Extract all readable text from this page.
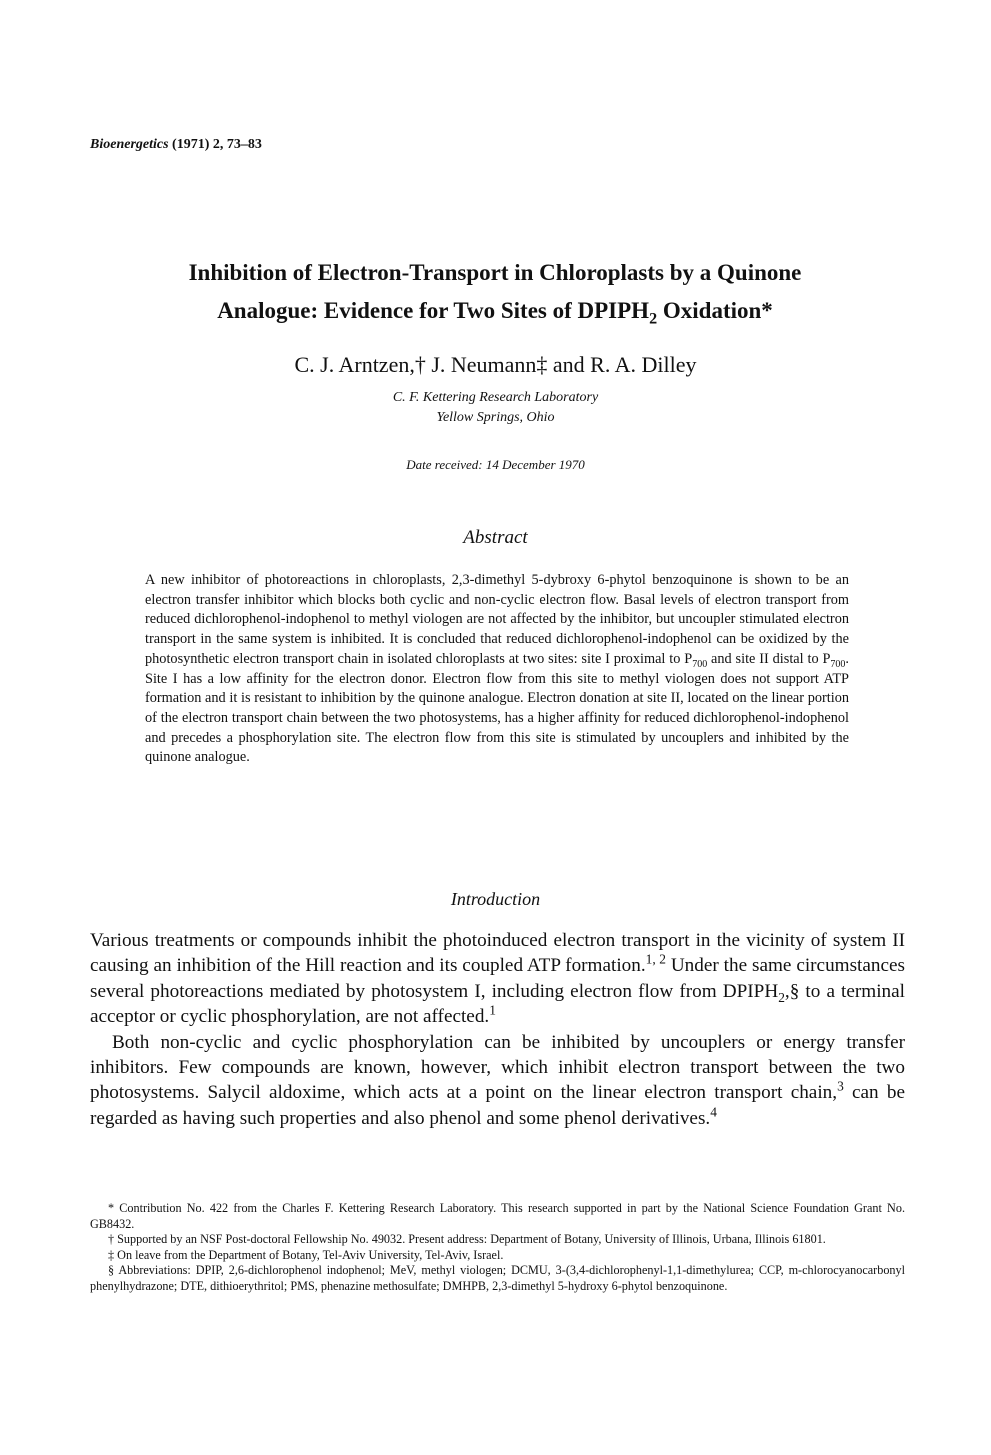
Bioenergetics (1971) 2, 73–83
Inhibition of Electron-Transport in Chloroplasts by a Quinone
Analogue: Evidence for Two Sites of $DPIPH_2$ Oxidation*
C. J. Arntzen,† J. Neumann‡ and R. A. Dilley
C. F. Kettering Research Laboratory
Yellow Springs, Ohio
Date received: 14 December 1970
Abstract

A new inhibitor of photoreactions in chloroplasts, 2,3-dimethyl 5-dybroxy 6-phytol benzoquinone is shown to be an electron transfer inhibitor which blocks both cyclic and non-cyclic electron flow. Basal levels of electron transport from reduced dichlorophenol-indophenol to methyl viologen are not affected by the inhibitor, but uncoupler stimulated electron transport in the same system is inhibited. It is concluded that reduced dichlorophenol-indophenol can be oxidized by the photosynthetic electron transport chain in isolated chloroplasts at two sites: site I proximal to $P_{700}$ and site II distal to $P_{700}$. Site I has a low affinity for the electron donor. Electron flow from this site to methyl viologen does not support ATP formation and it is resistant to inhibition by the quinone analogue. Electron donation at site II, located on the linear portion of the electron transport chain between the two photosystems, has a higher affinity for reduced dichlorophenol-indophenol and precedes a phosphorylation site. The electron flow from this site is stimulated by uncouplers and inhibited by the quinone analogue.

Introduction

Various treatments or compounds inhibit the photoinduced electron transport in the vicinity of system II causing an inhibition of the Hill reaction and its coupled ATP formation.$^{1, 2}$ Under the same circumstances several photoreactions mediated by photosystem I, including electron flow from $DPIPH_2,\S$ to a terminal acceptor or cyclic phosphorylation, are not affected.$^1$

Both non-cyclic and cyclic phosphorylation can be inhibited by uncouplers or energy transfer inhibitors. Few compounds are known, however, which inhibit electron transport between the two photosystems. Salycil aldoxime, which acts at a point on the linear electron transport chain,$^3$ can be regarded as having such properties and also phenol and some phenol derivatives.$^4$

* Contribution No. 422 from the Charles F. Kettering Research Laboratory. This research supported in part by the National Science Foundation Grant No. GB8432.

† Supported by an NSF Post-doctoral Fellowship No. 49032. Present address: Department of Botany, University of Illinois, Urbana, Illinois 61801.

‡ On leave from the Department of Botany, Tel-Aviv University, Tel-Aviv, Israel.

§ Abbreviations: DPIP, 2,6-dichlorophenol indophenol; MeV, methyl viologen; DCMU, 3-(3,4-dichlorophenyl-1,1-dimethylurea; CCP, m-chlorocyanocarbonyl phenylhydrazone; DTE, dithioerythritol; PMS, phenazine methosulfate; DMHPB, 2,3-dimethyl 5-hydroxy 6-phytol benzoquinone.
